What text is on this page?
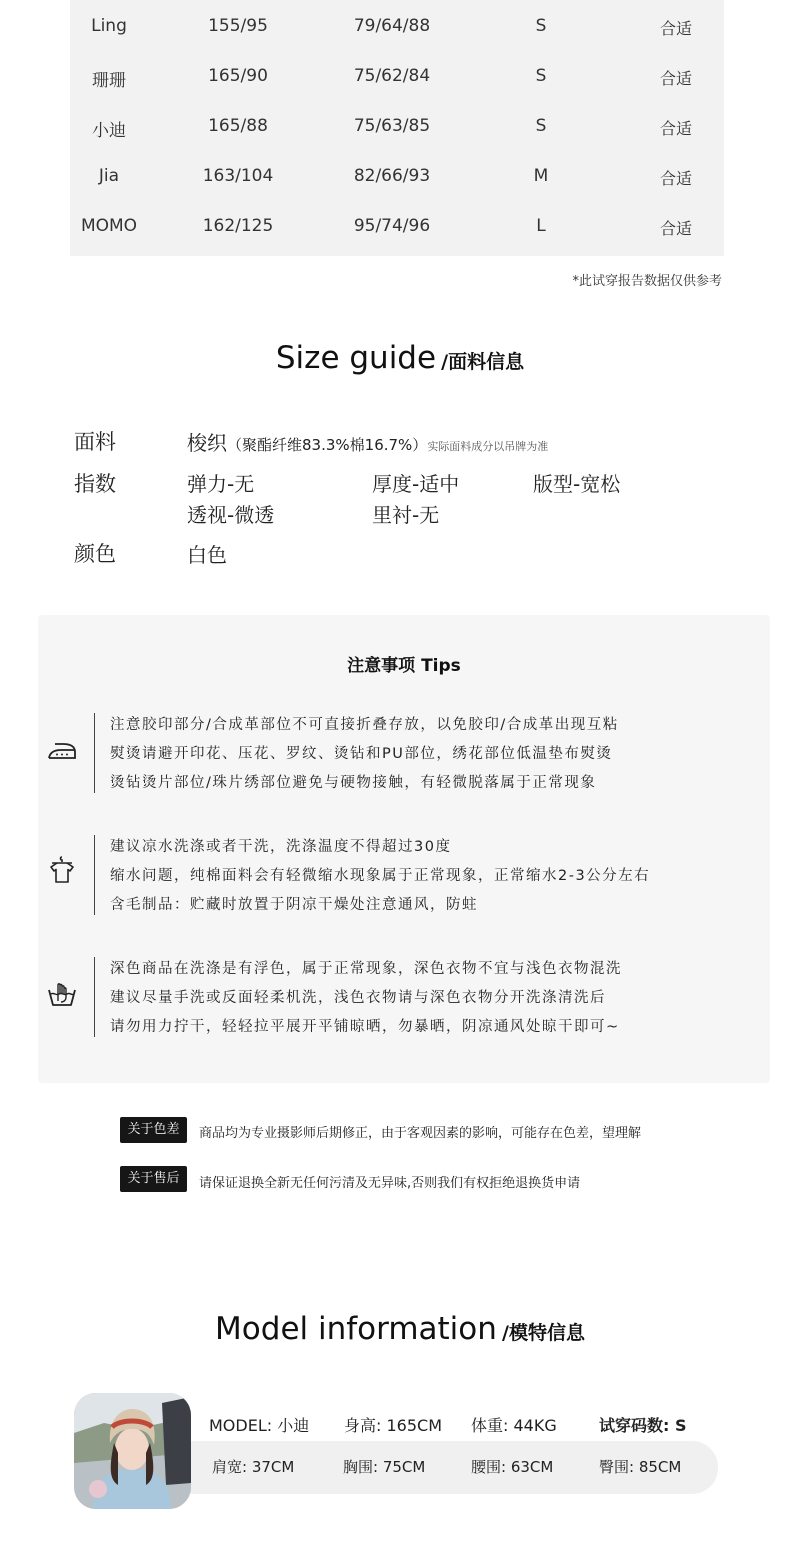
Ling	155/95	79/64/88	S	合适
珊珊	165/90	75/62/84	S	合适
小迪	165/88	75/63/85	S	合适
Jia	163/104	82/66/93	M	合适
MOMO	162/125	95/74/96	L	合适
*此试穿报告数据仅供参考
Size guide /面料信息
面料	梭织（聚酯纤维83.3%棉16.7%）实际面料成分以吊牌为准
指数	弹力-无	厚度-适中	版型-宽松
透视-微透	里衬-无
颜色	白色
注意事项 Tips
注意胶印部分/合成革部位不可直接折叠存放，以免胶印/合成革出现互粘
熨烫请避开印花、压花、罗纹、烫钻和PU部位，绣花部位低温垫布熨烫
烫钻烫片部位/珠片绣部位避免与硬物接触，有轻微脱落属于正常现象
建议凉水洗涤或者干洗，洗涤温度不得超过30度
缩水问题，纯棉面料会有轻微缩水现象属于正常现象，正常缩水2-3公分左右
含毛制品：贮藏时放置于阴凉干燥处注意通风，防蛀
深色商品在洗涤是有浮色，属于正常现象，深色衣物不宜与浅色衣物混洗
建议尽量手洗或反面轻柔机洗，浅色衣物请与深色衣物分开洗涤清洗后
请勿用力拧干，轻轻拉平展开平铺晾晒，勿暴晒，阴凉通风处晾干即可~
关于色差	商品均为专业摄影师后期修正，由于客观因素的影响，可能存在色差，望理解
关于售后	请保证退换全新无任何污清及无异味,否则我们有权拒绝退换货申请
Model information /模特信息
MODEL: 小迪 身高: 165CM 体重: 44KG	试穿码数: S
肩宽: 37CM	胸围: 75CM	腰围: 63CM	臀围: 85CM
